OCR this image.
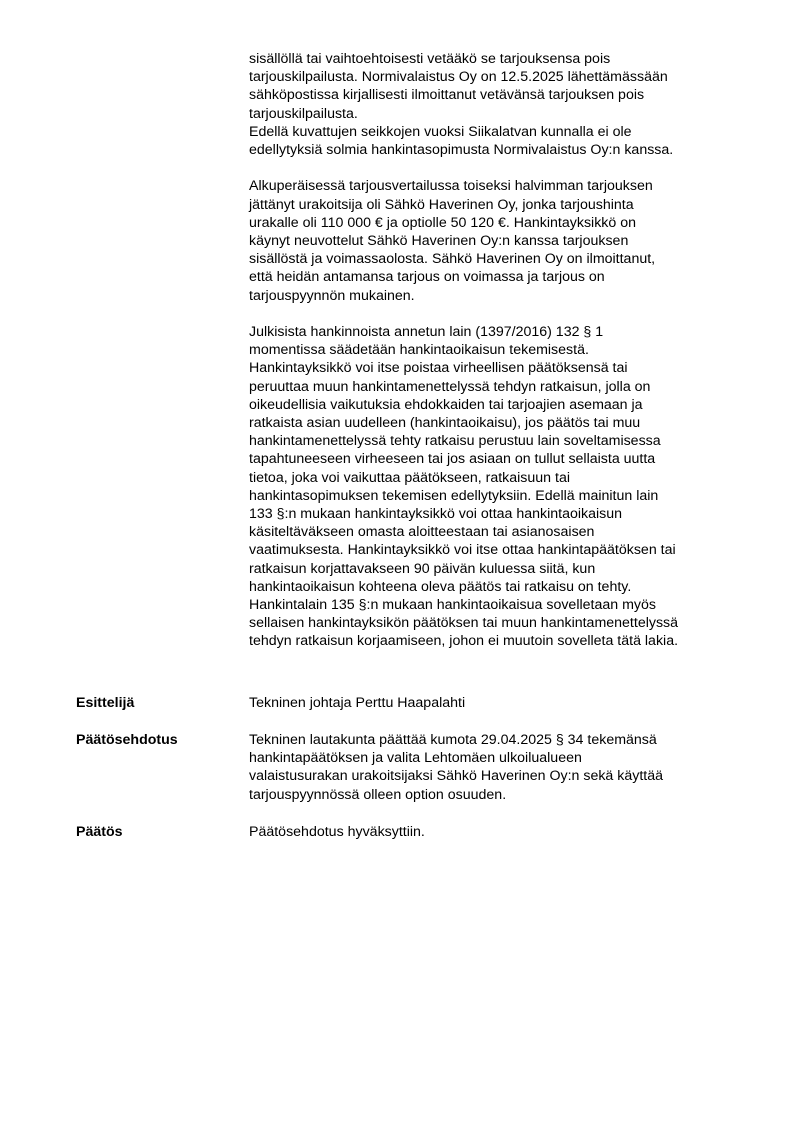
sisällöllä tai vaihtoehtoisesti vetääkö se tarjouksensa pois
tarjouskilpailusta. Normivalaistus Oy on 12.5.2025 lähettämässään
sähköpostissa kirjallisesti ilmoittanut vetävänsä tarjouksen pois
tarjouskilpailusta.
Edellä kuvattujen seikkojen vuoksi Siikalatvan kunnalla ei ole
edellytyksiä solmia hankintasopimusta Normivalaistus Oy:n kanssa.
Alkuperäisessä tarjousvertailussa toiseksi halvimman tarjouksen
jättänyt urakoitsija oli Sähkö Haverinen Oy, jonka tarjoushinta
urakalle oli 110 000 € ja optiolle 50 120 €. Hankintayksikkö on
käynyt neuvottelut Sähkö Haverinen Oy:n kanssa tarjouksen
sisällöstä ja voimassaolosta. Sähkö Haverinen Oy on ilmoittanut,
että heidän antamansa tarjous on voimassa ja tarjous on
tarjouspyynnön mukainen.
Julkisista hankinnoista annetun lain (1397/2016) 132 § 1
momentissa säädetään hankintaoikaisun tekemisestä.
Hankintayksikkö voi itse poistaa virheellisen päätöksensä tai
peruuttaa muun hankintamenettelyssä tehdyn ratkaisun, jolla on
oikeudellisia vaikutuksia ehdokkaiden tai tarjoajien asemaan ja
ratkaista asian uudelleen (hankintaoikaisu), jos päätös tai muu
hankintamenettelyssä tehty ratkaisu perustuu lain soveltamisessa
tapahtuneeseen virheeseen tai jos asiaan on tullut sellaista uutta
tietoa, joka voi vaikuttaa päätökseen, ratkaisuun tai
hankintasopimuksen tekemisen edellytyksiin. Edellä mainitun lain
133 §:n mukaan hankintayksikkö voi ottaa hankintaoikaisun
käsiteltäväkseen omasta aloitteestaan tai asianosaisen
vaatimuksesta. Hankintayksikkö voi itse ottaa hankintapäätöksen tai
ratkaisun korjattavakseen 90 päivän kuluessa siitä, kun
hankintaoikaisun kohteena oleva päätös tai ratkaisu on tehty.
Hankintalain 135 §:n mukaan hankintaoikaisua sovelletaan myös
sellaisen hankintayksikön päätöksen tai muun hankintamenettelyssä
tehdyn ratkaisun korjaamiseen, johon ei muutoin sovelleta tätä lakia.
Esittelijä	Tekninen johtaja Perttu Haapalahti
Päätösehdotus	Tekninen lautakunta päättää kumota 29.04.2025 § 34 tekemänsä
hankintapäätöksen ja valita Lehtomäen ulkoilualueen
valaistusurakan urakoitsijaksi Sähkö Haverinen Oy:n sekä käyttää
tarjouspyynnössä olleen option osuuden.
Päätös	Päätösehdotus hyväksyttiin.
